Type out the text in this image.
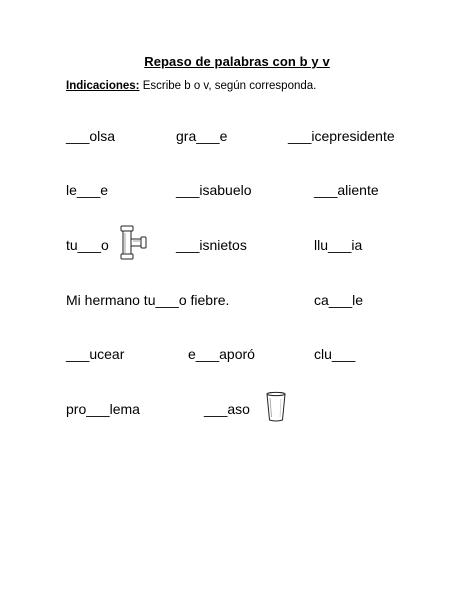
Repaso de palabras con b y v
Indicaciones: Escribe b o v, según corresponda.
___olsa	gra___e	___icepresidente
le___e	___isabuelo	___aliente
tu___o	___isnietos	llu___ia
Mi hermano tu___o fiebre.	ca___le
___ucear	e___aporó	clu___
pro___lema	___aso
